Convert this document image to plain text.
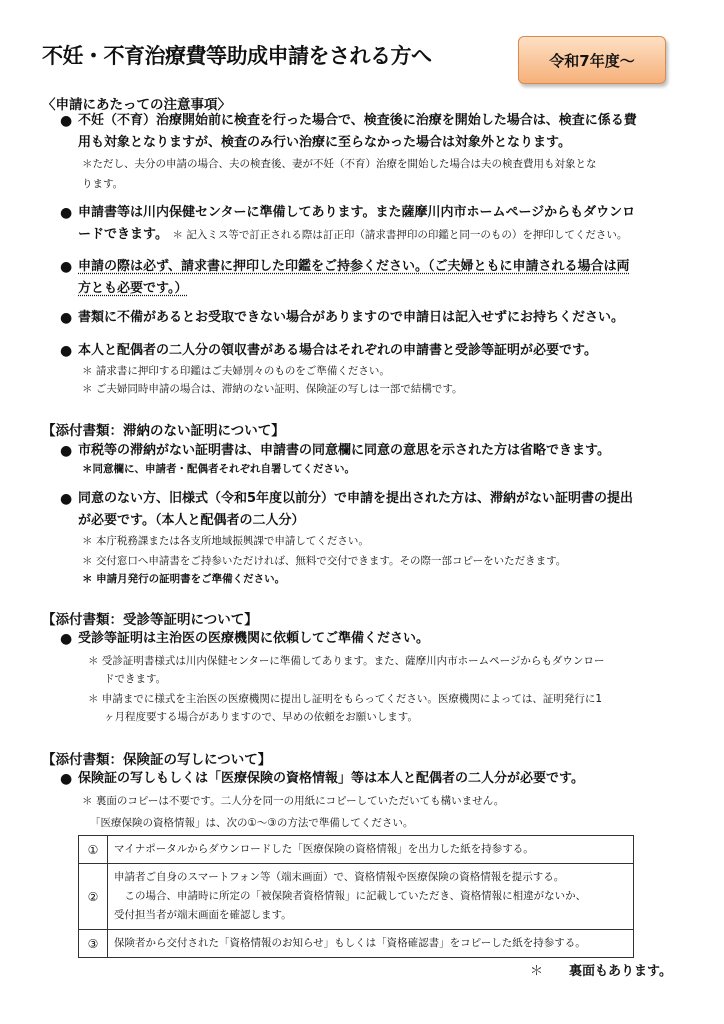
不妊・不育治療費等助成申請をされる方へ	令和7年度～
〈申請にあたっての注意事項〉
● 不妊（不育）治療開始前に検査を行った場合で、検査後に治療を開始した場合は、検査に係る費
用も対象となりますが、検査のみ行い治療に至らなかった場合は対象外となります。
＊ただし、夫分の申請の場合、夫の検査後、妻が不妊（不育）治療を開始した場合は夫の検査費用も対象とな
ります。
● 申請書等は川内保健センターに準備してあります。また薩摩川内市ホームページからもダウンロ
ードできます。 ＊ 記入ミス等で訂正される際は訂正印（請求書押印の印鑑と同一のもの）を押印してください。
● 申請の際は必ず、請求書に押印した印鑑をご持参ください。（ご夫婦ともに申請される場合は両
方とも必要です。）
● 書類に不備があるとお受取できない場合がありますので申請日は記入せずにお持ちください。
● 本人と配偶者の二人分の領収書がある場合はそれぞれの申請書と受診等証明が必要です。
＊ 請求書に押印する印鑑はご夫婦別々のものをご準備ください。
＊ ご夫婦同時申請の場合は、滞納のない証明、保険証の写しは一部で結構です。
【添付書類：滞納のない証明について】
● 市税等の滞納がない証明書は、申請書の同意欄に同意の意思を示された方は省略できます。
＊同意欄に、申請者・配偶者それぞれ自署してください。
● 同意のない方、旧様式（令和5年度以前分）で申請を提出された方は、滞納がない証明書の提出
が必要です。（本人と配偶者の二人分）
＊ 本庁税務課または各支所地域振興課で申請してください。
＊ 交付窓口へ申請書をご持参いただければ、無料で交付できます。その際一部コピーをいただきます。
＊ 申請月発行の証明書をご準備ください。
【添付書類：受診等証明について】
● 受診等証明は主治医の医療機関に依頼してご準備ください。
＊ 受診証明書様式は川内保健センターに準備してあります。また、薩摩川内市ホームページからもダウンロー
ドできます。
＊ 申請までに様式を主治医の医療機関に提出し証明をもらってください。医療機関によっては、証明発行に1
ヶ月程度要する場合がありますので、早めの依頼をお願いします。
【添付書類：保険証の写しについて】
● 保険証の写しもしくは「医療保険の資格情報」等は本人と配偶者の二人分が必要です。
＊ 裏面のコピーは不要です。二人分を同一の用紙にコピーしていただいても構いません。
「医療保険の資格情報」は、次の①～③の方法で準備してください。
①	マイナポータルからダウンロードした「医療保険の資格情報」を出力した紙を持参する。

②	申請者ご自身のスマートフォン等（端末画面）で、資格情報や医療保険の資格情報を提示する。
　この場合、申請時に所定の「被保険者資格情報」に記載していただき、資格情報に相違がないか、
受付担当者が端末画面を確認します。

③	保険者から交付された「資格情報のお知らせ」もしくは「資格確認書」をコピーした紙を持参する。
＊ 裏面もあります。
